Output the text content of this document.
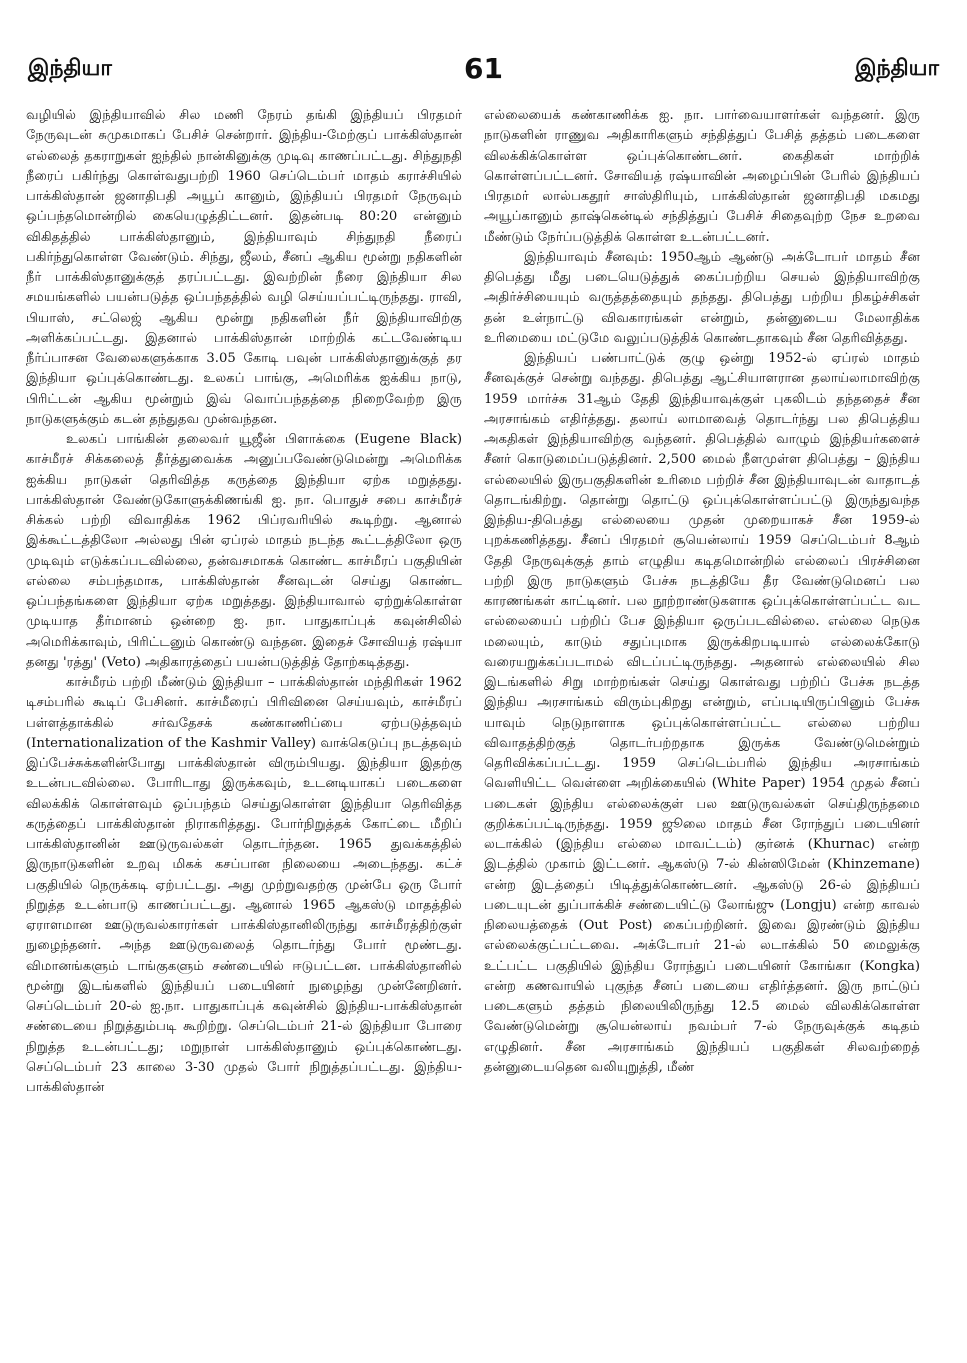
இந்தியா	61	இந்தியா

வழியில் இந்தியாவில் சில மணி நேரம் தங்கி இந்தியப் பிரதமர் நேருவுடன் சுமுகமாகப் பேசிச் சென்றார். இந்திய-மேற்குப் பாக்கிஸ்தான் எல்லைத் தகராறுகள் ஐந்தில் நான்கினுக்கு முடிவு காணப்பட்டது. சிந்துநதி நீரைப் பகிர்ந்து கொள்வதுபற்றி 1960 செப்டெம்பர் மாதம் கராச்சியில் பாக்கிஸ்தான் ஜனாதிபதி அயூப் கானும், இந்தியப் பிரதமர் நேருவும் ஒப்பந்தமொன்றில் கையெழுத்திட்டனர். இதன்படி 80:20 என்னும் விகிதத்தில் பாக்கிஸ்தானும், இந்தியாவும் சிந்துநதி நீரைப் பகிர்ந்துகொள்ள வேண்டும். சிந்து, ஜீலம், சீனப் ஆகிய மூன்று நதிகளின் நீர் பாக்கிஸ்தானுக்குத் தரப்பட்டது. இவற்றின் நீரை இந்தியா சில சமயங்களில் பயன்படுத்த ஒப்பந்தத்தில் வழி செய்யப்பட்டிருந்தது. ராவி, பியாஸ், சட்லெஜ் ஆகிய மூன்று நதிகளின் நீர் இந்தியாவிற்கு அளிக்கப்பட்டது. இதனால் பாக்கிஸ்தான் மாற்றிக் கட்டவேண்டிய நீர்ப்பாசன வேலைகளுக்காக 3.05 கோடி பவுன் பாக்கிஸ்தானுக்குத் தர இந்தியா ஒப்புக்கொண்டது. உலகப் பாங்கு, அமெரிக்க ஐக்கிய நாடு, பிரிட்டன் ஆகிய மூன்றும் இவ் வொப்பந்தத்தை நிறைவேற்ற இரு நாடுகளுக்கும் கடன் தந்துதவ முன்வந்தன.

உலகப் பாங்கின் தலைவர் யூஜீன் பிளாக்கை (Eugene Black) காச்மீரச் சிக்கலைத் தீர்த்துவைக்க அனுப்பவேண்டுமென்று அமெரிக்க ஐக்கிய நாடுகள் தெரிவித்த கருத்தை இந்தியா ஏற்க மறுத்தது. பாக்கிஸ்தான் வேண்டுகோளுக்கிணங்கி ஐ. நா. பொதுச் சபை காச்மீரச் சிக்கல் பற்றி விவாதிக்க 1962 பிப்ரவரியில் கூடிற்று. ஆனால் இக்கூட்டத்திலோ அல்லது பின் ஏப்ரல் மாதம் நடந்த கூட்டத்திலோ ஒரு முடிவும் எடுக்கப்படவில்லை, தன்வசமாகக் கொண்ட காச்மீரப் பகுதியின் எல்லை சம்பந்தமாக, பாக்கிஸ்தான் சீனவுடன் செய்து கொண்ட ஒப்பந்தங்களை இந்தியா ஏற்க மறுத்தது. இந்தியாவால் ஏற்றுக்கொள்ள முடியாத தீர்மானம் ஒன்றை ஐ. நா. பாதுகாப்புக் கவுன்சிலில் அமெரிக்காவும், பிரிட்டனும் கொண்டு வந்தன. இதைச் சோவியத் ரஷ்யா தனது 'ரத்து' (Veto) அதிகாரத்தைப் பயன்படுத்தித் தோற்கடித்தது.

காச்மீரம் பற்றி மீண்டும் இந்தியா – பாக்கிஸ்தான் மந்திரிகள் 1962 டிசம்பரில் கூடிப் பேசினர். காச்மீரைப் பிரிவினை செய்யவும், காச்மீரப் பள்ளத்தாக்கில் சர்வதேசக் கண்காணிப்பை ஏற்படுத்தவும் (Internationalization of the Kashmir Valley) வாக்கெடுப்பு நடத்தவும் இப்பேச்சுக்களின்போது பாக்கிஸ்தான் விரும்பியது. இந்தியா இதற்கு உடன்படவில்லை. போரிடாது இருக்கவும், உடனடியாகப் படைகளை விலக்கிக் கொள்ளவும் ஒப்பந்தம் செய்துகொள்ள இந்தியா தெரிவித்த கருத்தைப் பாக்கிஸ்தான் நிராகரித்தது. போர்நிறுத்தக் கோட்டை மீறிப் பாக்கிஸ்தானின் ஊடுருவல்கள் தொடர்ந்தன. 1965 துவக்கத்தில் இருநாடுகளின் உறவு மிகக் கசப்பான நிலையை அடைந்தது. கட்ச் பகுதியில் நெருக்கடி ஏற்பட்டது. அது முற்றுவதற்கு முன்பே ஒரு போர் நிறுத்த உடன்பாடு காணப்பட்டது. ஆனால் 1965 ஆகஸ்டு மாதத்தில் ஏராளமான ஊடுருவல்காரர்கள் பாக்கிஸ்தானிலிருந்து காச்மீரத்திற்குள் நுழைந்தனர். அந்த ஊடுருவலைத் தொடர்ந்து போர் மூண்டது. விமானங்களும் டாங்குகளும் சண்டையில் ஈடுபட்டன. பாக்கிஸ்தானில் மூன்று இடங்களில் இந்தியப் படையினர் நுழைந்து முன்னேறினர். செப்டெம்பர் 20-ல் ஐ.நா. பாதுகாப்புக் கவுன்சில் இந்திய-பாக்கிஸ்தான் சண்டையை நிறுத்தும்படி கூறிற்று. செப்டெம்பர் 21-ல் இந்தியா போரை நிறுத்த உடன்பட்டது; மறுநாள் பாக்கிஸ்தானும் ஒப்புக்கொண்டது. செப்டெம்பர் 23 காலை 3-30 முதல் போர் நிறுத்தப்பட்டது. இந்திய-பாக்கிஸ்தான்

எல்லையைக் கண்காணிக்க ஐ. நா. பார்வையாளர்கள் வந்தனர். இரு நாடுகளின் ராணுவ அதிகாரிகளும் சந்தித்துப் பேசித் தத்தம் படைகளை விலக்கிக்கொள்ள ஒப்புக்கொண்டனர். கைதிகள் மாற்றிக் கொள்ளப்பட்டனர். சோவியத் ரஷ்யாவின் அழைப்பின் பேரில் இந்தியப் பிரதமர் லால்பகதூர் சாஸ்திரியும், பாக்கிஸ்தான் ஜனாதிபதி மகமது அயூப்கானும் தாஷ்கென்டில் சந்தித்துப் பேசிச் சிதைவுற்ற நேச உறவை மீண்டும் நேர்ப்படுத்திக் கொள்ள உடன்பட்டனர்.

இந்தியாவும் சீனவும்: 1950ஆம் ஆண்டு அக்டோபர் மாதம் சீன திபெத்து மீது படையெடுத்துக் கைப்பற்றிய செயல் இந்தியாவிற்கு அதிர்ச்சியையும் வருத்தத்தையும் தந்தது. திபெத்து பற்றிய நிகழ்ச்சிகள் தன் உள்நாட்டு விவகாரங்கள் என்றும், தன்னுடைய மேலாதிக்க உரிமையை மட்டுமே வலுப்படுத்திக் கொண்டதாகவும் சீன தெரிவித்தது.

இந்தியப் பண்பாட்டுக் குழு ஒன்று 1952-ல் ஏப்ரல் மாதம் சீனவுக்குச் சென்று வந்தது. திபெத்து ஆட்சியாளரான தலாய்லாமாவிற்கு 1959 மார்ச்சு 31ஆம் தேதி இந்தியாவுக்குள் புகலிடம் தந்ததைச் சீன அரசாங்கம் எதிர்த்தது. தலாய் லாமாவைத் தொடர்ந்து பல திபெத்திய அகதிகள் இந்தியாவிற்கு வந்தனர். திபெத்தில் வாழும் இந்தியர்களைச் சீனர் கொடுமைப்படுத்தினர். 2,500 மைல் நீளமுள்ள திபெத்து – இந்திய எல்லையில் இருபகுதிகளின் உரிமை பற்றிச் சீன இந்தியாவுடன் வாதாடத் தொடங்கிற்று. தொன்று தொட்டு ஒப்புக்கொள்ளப்பட்டு இருந்துவந்த இந்திய-திபெத்து எல்லையை முதன் முறையாகச் சீன 1959-ல் புறக்கணித்தது. சீனப் பிரதமர் சூயென்லாய் 1959 செப்டெம்பர் 8ஆம் தேதி நேருவுக்குத் தாம் எழுதிய கடிதமொன்றில் எல்லைப் பிரச்சினை பற்றி இரு நாடுகளும் பேச்சு நடத்தியே தீர வேண்டுமெனப் பல காரணங்கள் காட்டினர். பல நூற்றாண்டுகளாக ஒப்புக்கொள்ளப்பட்ட வட எல்லையைப் பற்றிப் பேச இந்தியா ஒருப்படவில்லை. எல்லை நெடுக மலையும், காடும் சதுப்புமாக இருக்கிறபடியால் எல்லைக்கோடு வரையறுக்கப்படாமல் விடப்பட்டிருந்தது. அதனால் எல்லையில் சில இடங்களில் சிறு மாற்றங்கள் செய்து கொள்வது பற்றிப் பேச்சு நடத்த இந்திய அரசாங்கம் விரும்புகிறது என்றும், எப்படியிருப்பினும் பேச்சு யாவும் நெடுநாளாக ஒப்புக்கொள்ளப்பட்ட எல்லை பற்றிய விவாதத்திற்குத் தொடர்பற்றதாக இருக்க வேண்டுமென்றும் தெரிவிக்கப்பட்டது. 1959 செப்டெம்பரில் இந்திய அரசாங்கம் வெளியிட்ட வெள்ளை அறிக்கையில் (White Paper) 1954 முதல் சீனப் படைகள் இந்திய எல்லைக்குள் பல ஊடுருவல்கள் செய்திருந்தமை குறிக்கப்பட்டிருந்தது. 1959 ஜூலை மாதம் சீன ரோந்துப் படையினர் லடாக்கில் (இந்திய எல்லை மாவட்டம்) குர்னக் (Khurnac) என்ற இடத்தில் முகாம் இட்டனர். ஆகஸ்டு 7-ல் கின்ஸிமேன் (Khinzemane) என்ற இடத்தைப் பிடித்துக்கொண்டனர். ஆகஸ்டு 26-ல் இந்தியப் படையுடன் துப்பாக்கிச் சண்டையிட்டு லோங்ஜு (Longju) என்ற காவல் நிலையத்தைக் (Out Post) கைப்பற்றினர். இவை இரண்டும் இந்திய எல்லைக்குட்பட்டவை. அக்டோபர் 21-ல் லடாக்கில் 50 மைலுக்கு உட்பட்ட பகுதியில் இந்திய ரோந்துப் படையினர் கோங்கா (Kongka) என்ற கணவாயில் புகுந்த சீனப் படையை எதிர்த்தனர். இரு நாட்டுப் படைகளும் தத்தம் நிலையிலிருந்து 12.5 மைல் விலகிக்கொள்ள வேண்டுமென்று சூயென்லாய் நவம்பர் 7-ல் நேருவுக்குக் கடிதம் எழுதினர். சீன அரசாங்கம் இந்தியப் பகுதிகள் சிலவற்றைத் தன்னுடையதென வலியுறுத்தி, மீண்
